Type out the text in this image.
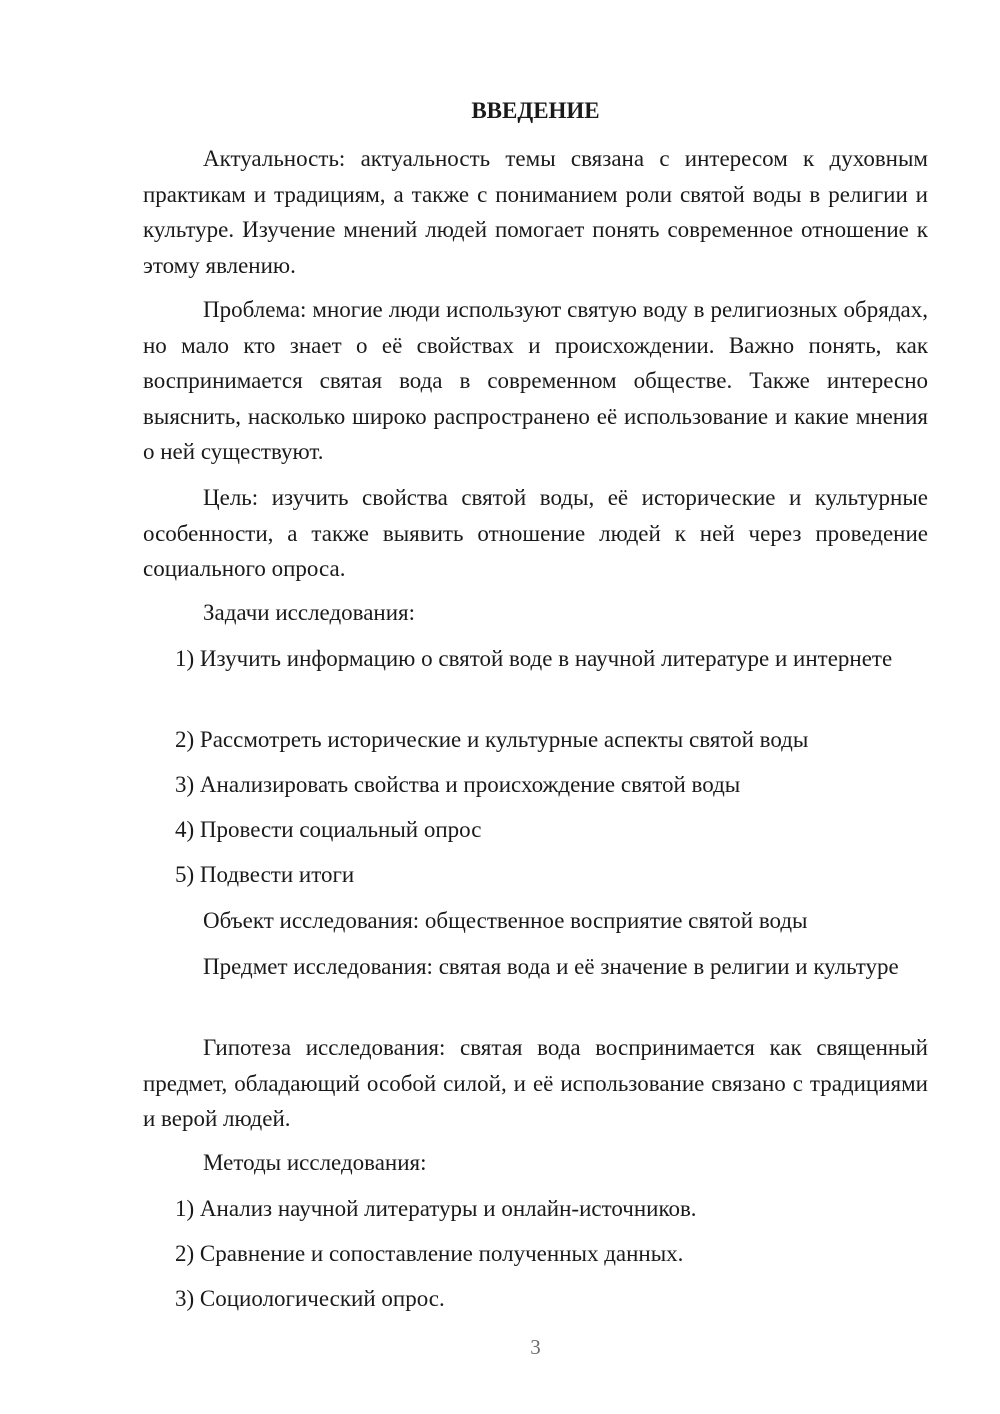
ВВЕДЕНИЕ

Актуальность: актуальность темы связана с интересом к духовным практикам и традициям, а также с пониманием роли святой воды в религии и культуре. Изучение мнений людей помогает понять современное отношение к этому явлению.

Проблема: многие люди используют святую воду в религиозных обрядах, но мало кто знает о её свойствах и происхождении. Важно понять, как воспринимается святая вода в современном обществе. Также интересно выяснить, насколько широко распространено её использование и какие мнения о ней существуют.

Цель: изучить свойства святой воды, её исторические и культурные особенности, а также выявить отношение людей к ней через проведение социального опроса.

Задачи исследования:

1) Изучить информацию о святой воде в научной литературе и интернете

2) Рассмотреть исторические и культурные аспекты святой воды

3) Анализировать свойства и происхождение святой воды

4) Провести социальный опрос

5) Подвести итоги

Объект исследования: общественное восприятие святой воды

Предмет исследования: святая вода и её значение в религии и культуре

Гипотеза исследования: святая вода воспринимается как священный предмет, обладающий особой силой, и её использование связано с традициями и верой людей.

Методы исследования:

1) Анализ научной литературы и онлайн-источников.

2) Сравнение и сопоставление полученных данных.

3) Социологический опрос.

3
